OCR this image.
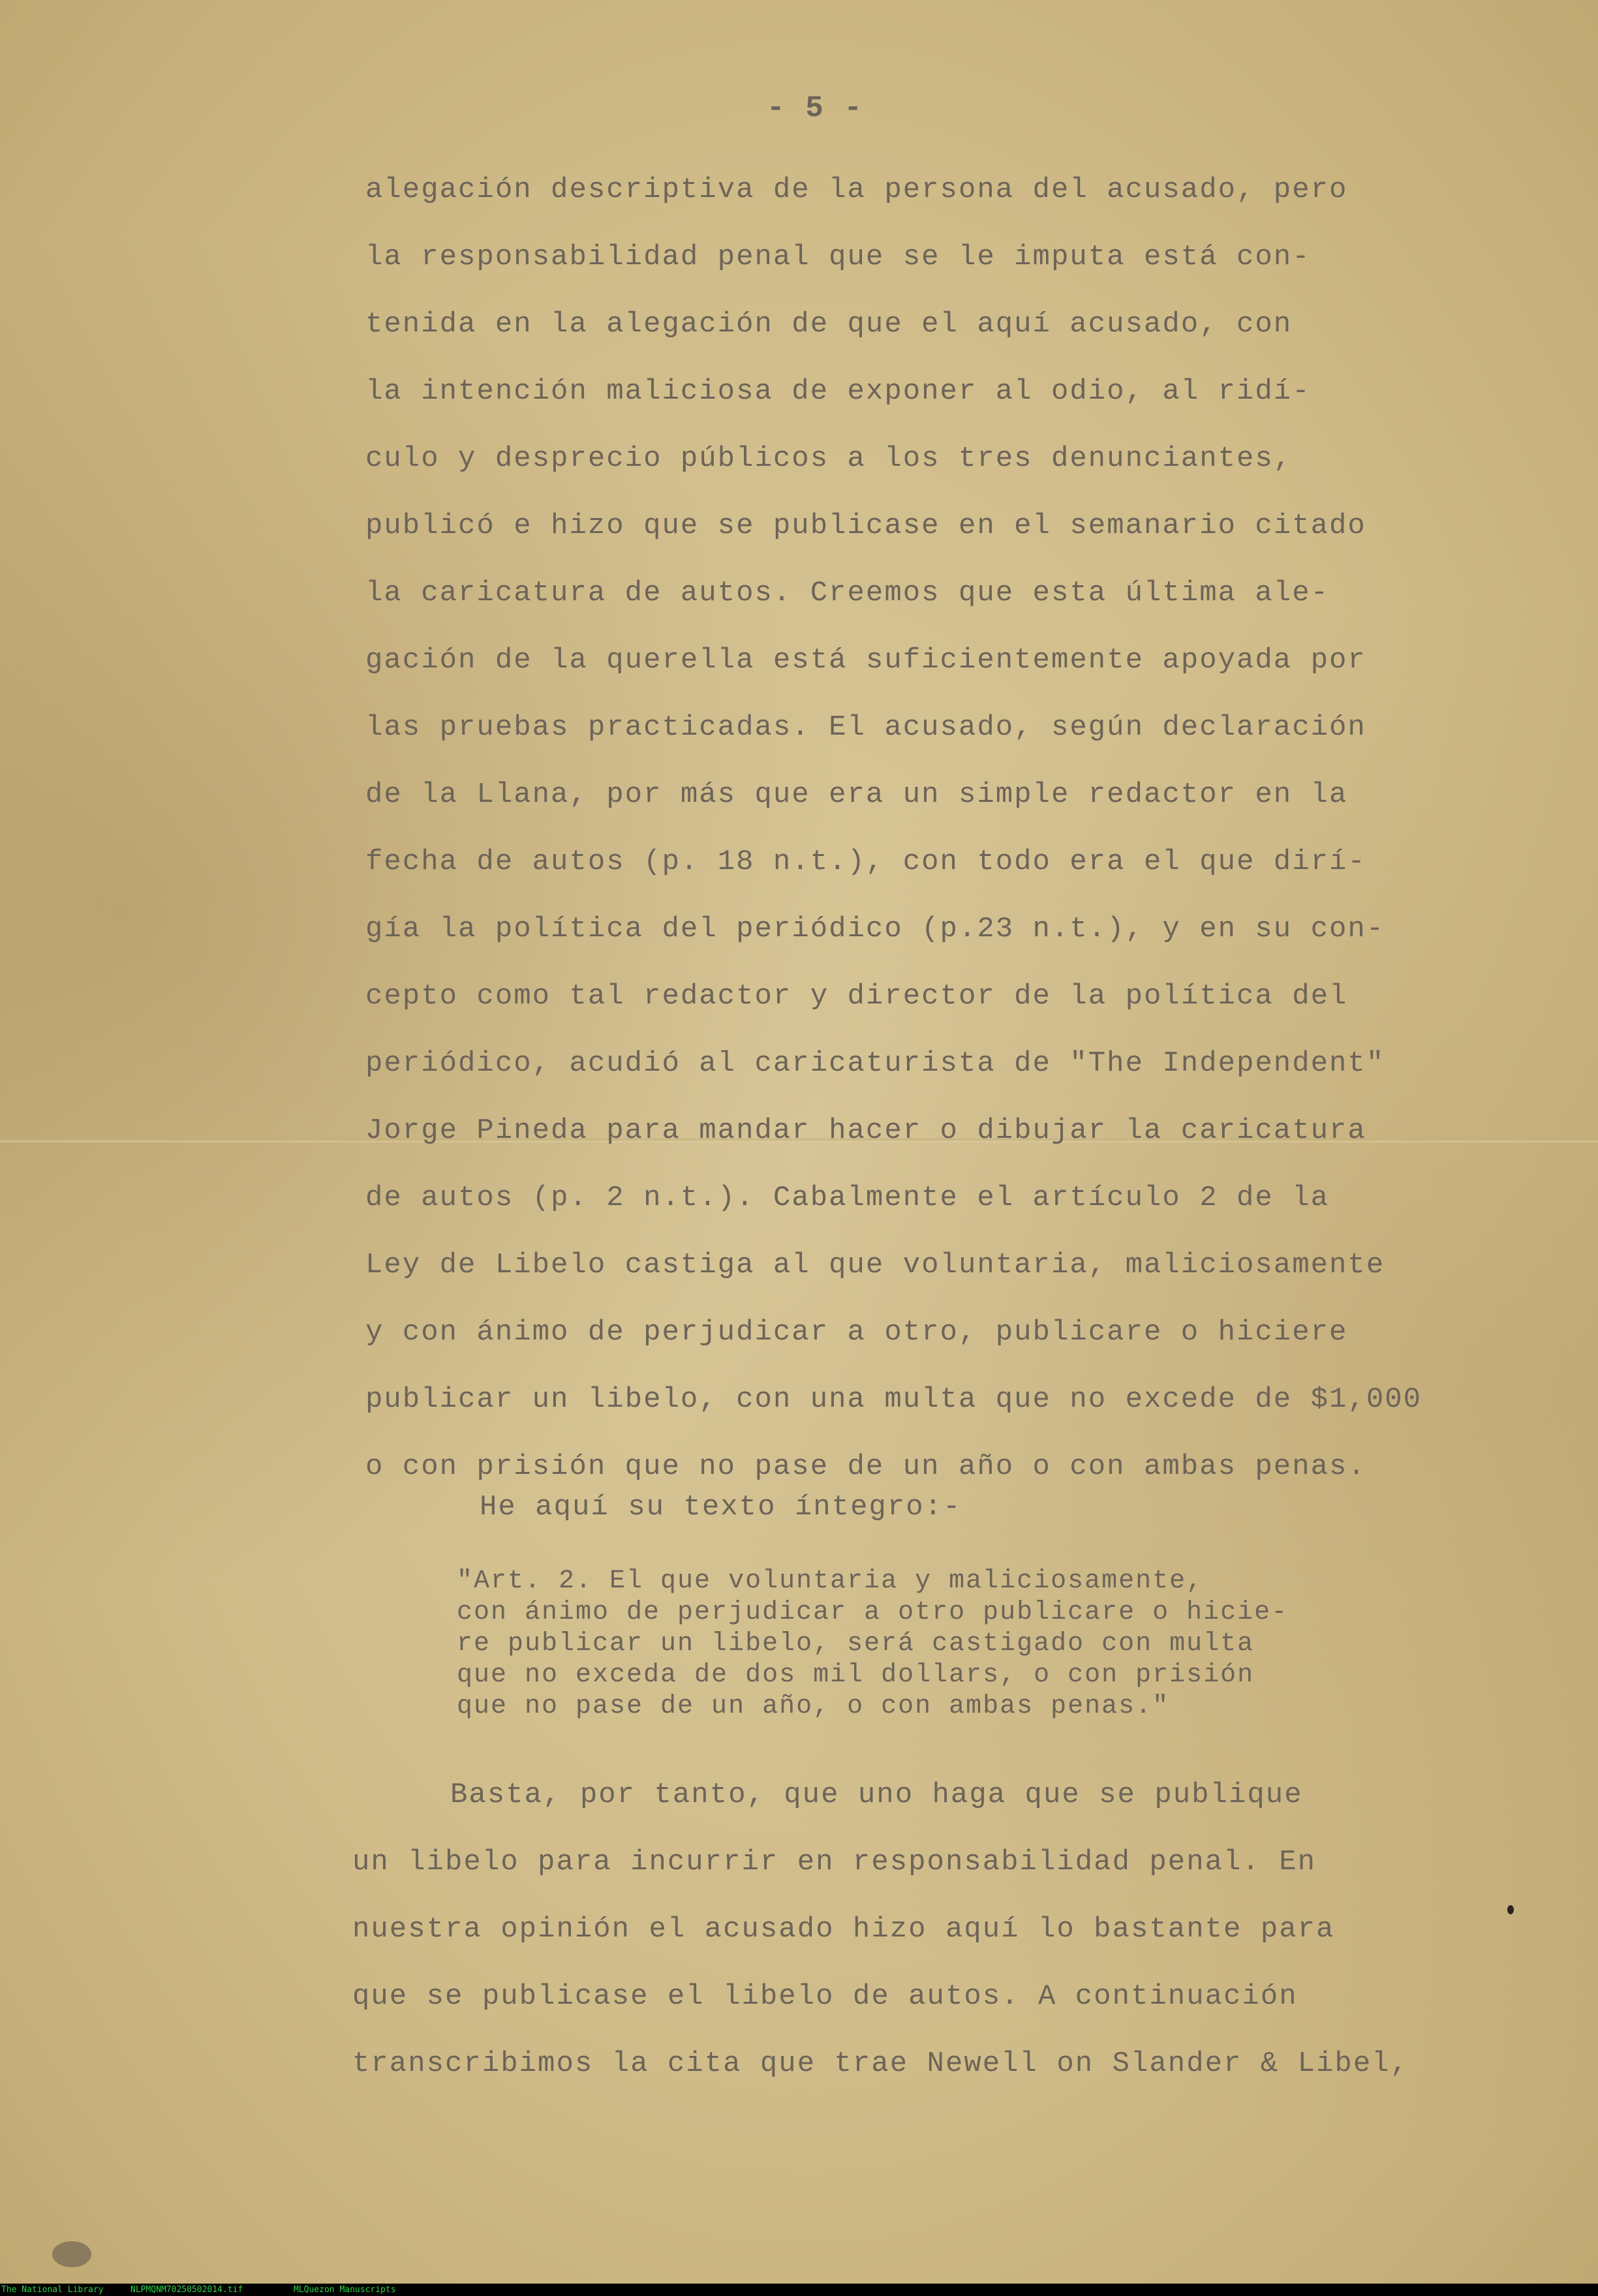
- 5 -
alegación descriptiva de la persona del acusado, pero
la responsabilidad penal que se le imputa está con-
tenida en la alegación de que el aquí acusado, con
la intención maliciosa de exponer al odio, al ridí-
culo y desprecio públicos a los tres denunciantes,
publicó e hizo que se publicase en el semanario citado
la caricatura de autos. Creemos que esta última ale-
gación de la querella está suficientemente apoyada por
las pruebas practicadas. El acusado, según declaración
de la Llana, por más que era un simple redactor en la
fecha de autos (p. 18 n.t.), con todo era el que dirí-
gía la política del periódico (p.23 n.t.), y en su con-
cepto como tal redactor y director de la política del
periódico, acudió al caricaturista de "The Independent"
Jorge Pineda para mandar hacer o dibujar la caricatura
de autos (p. 2 n.t.). Cabalmente el artículo 2 de la
Ley de Libelo castiga al que voluntaria, maliciosamente
y con ánimo de perjudicar a otro, publicare o hiciere
publicar un libelo, con una multa que no excede de $1,000
o con prisión que no pase de un año o con ambas penas.
He aquí su texto íntegro:-
"Art. 2. El que voluntaria y maliciosamente,
con ánimo de perjudicar a otro publicare o hicie-
re publicar un libelo, será castigado con multa
que no exceda de dos mil dollars, o con prisión
que no pase de un año, o con ambas penas."
Basta, por tanto, que uno haga que se publique
un libelo para incurrir en responsabilidad penal. En
nuestra opinión el acusado hizo aquí lo bastante para
que se publicase el libelo de autos. A continuación
transcribimos la cita que trae Newell on Slander & Libel,
The National Library	NLPMQNM70250502014.tif	MLQuezon Manuscripts
